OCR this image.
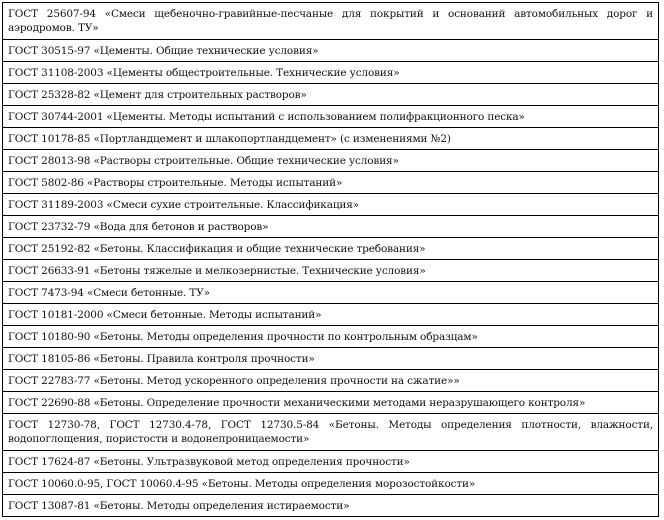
ГОСТ 25607-94 «Смеси щебеночно-гравийные-песчаные для покрытий и оснований автомобильных дорог и аэродромов. ТУ»

ГОСТ 30515-97 «Цементы. Общие технические условия»
ГОСТ 31108-2003 «Цементы общестроительные. Технические условия»
ГОСТ 25328-82 «Цемент для строительных растворов»
ГОСТ 30744-2001 «Цементы. Методы испытаний с использованием полифракционного песка»
ГОСТ 10178-85 «Портландцемент и шлакопортландцемент» (с изменениями №2)
ГОСТ 28013-98 «Растворы строительные. Общие технические условия»
ГОСТ 5802-86 «Растворы строительные. Методы испытаний»
ГОСТ 31189-2003 «Смеси сухие строительные. Классификация»
ГОСТ 23732-79 «Вода для бетонов и растворов»
ГОСТ 25192-82 «Бетоны. Классификация и общие технические требования»
ГОСТ 26633-91 «Бетоны тяжелые и мелкозернистые. Технические условия»
ГОСТ 7473-94 «Смеси бетонные. ТУ»
ГОСТ 10181-2000 «Смеси бетонные. Методы испытаний»
ГОСТ 10180-90 «Бетоны. Методы определения прочности по контрольным образцам»
ГОСТ 18105-86 «Бетоны. Правила контроля прочности»
ГОСТ 22783-77 «Бетоны. Метод ускоренного определения прочности на сжатие»»
ГОСТ 22690-88 «Бетоны. Определение прочности механическими методами неразрушающего контроля»

ГОСТ 12730-78, ГОСТ 12730.4-78, ГОСТ 12730.5-84 «Бетоны. Методы определения плотности, влажности, водопоглощения, пористости и водонепроницаемости»

ГОСТ 17624-87 «Бетоны. Ультразвуковой метод определения прочности»
ГОСТ 10060.0-95, ГОСТ 10060.4-95 «Бетоны. Методы определения морозостойкости»
ГОСТ 13087-81 «Бетоны. Методы определения истираемости»
